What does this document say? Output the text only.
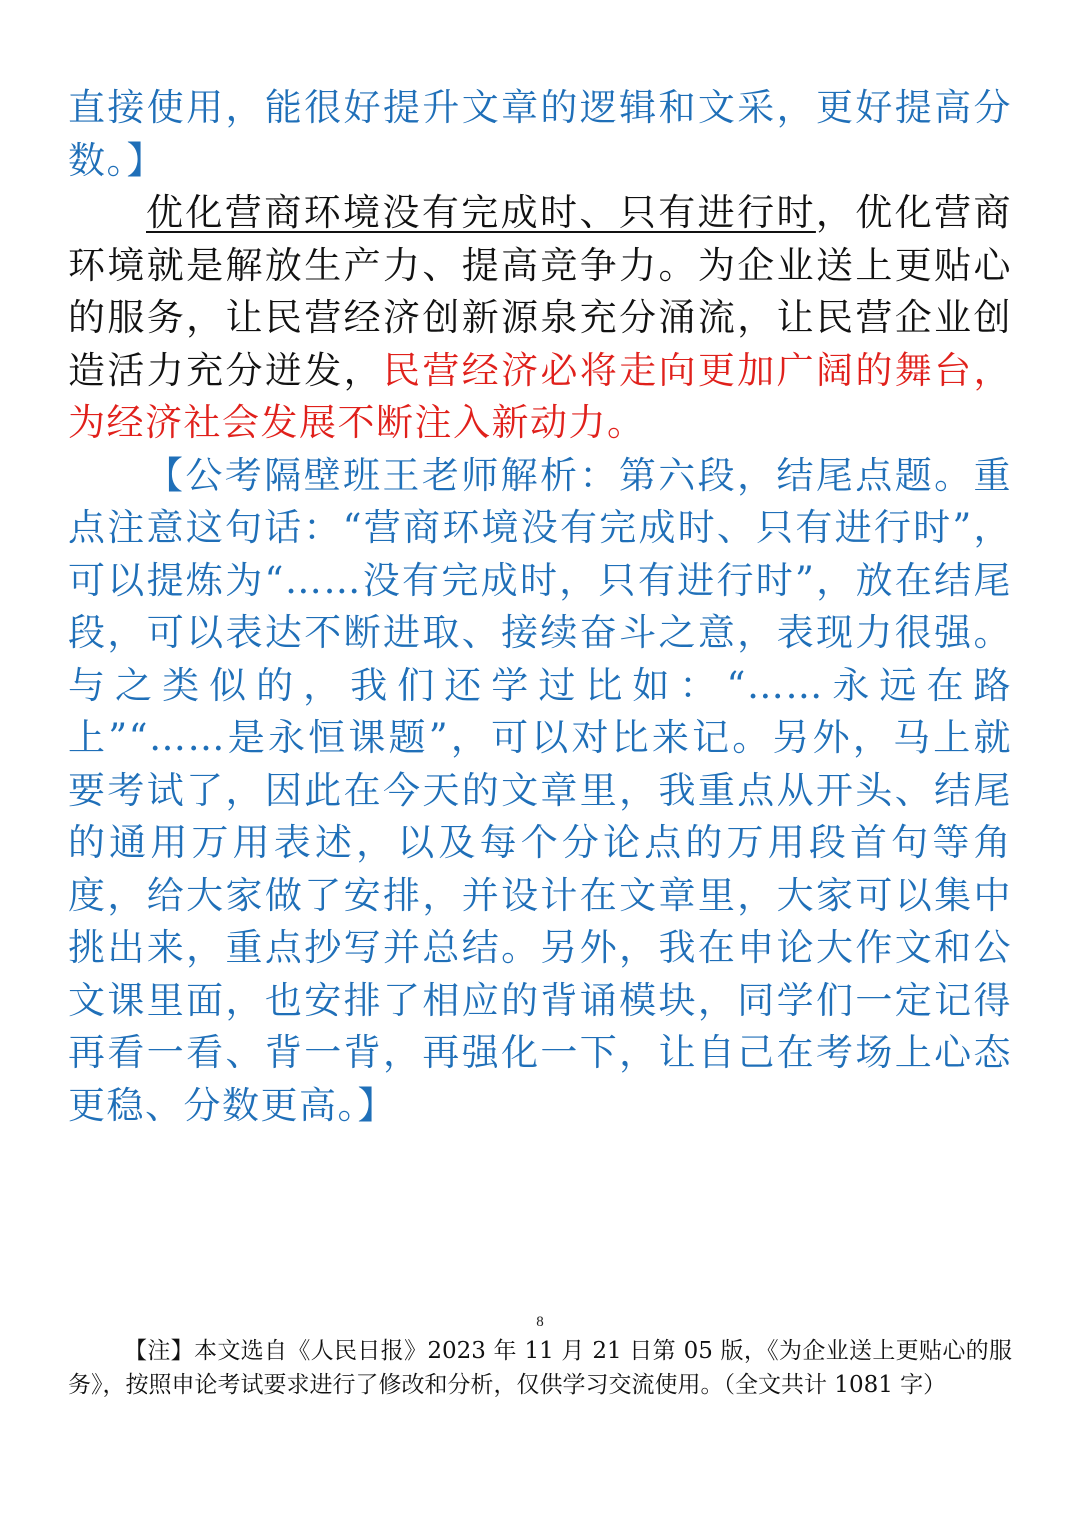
直接使用，能很好提升文章的逻辑和文采，更好提高分数。】

优化营商环境没有完成时、只有进行时，优化营商环境就是解放生产力、提高竞争力。为企业送上更贴心的服务，让民营经济创新源泉充分涌流，让民营企业创造活力充分迸发，民营经济必将走向更加广阔的舞台，为经济社会发展不断注入新动力。

【公考隔壁班王老师解析：第六段，结尾点题。重点注意这句话：“营商环境没有完成时、只有进行时”，可以提炼为“……没有完成时，只有进行时”，放在结尾段，可以表达不断进取、接续奋斗之意，表现力很强。与之类似的，我们还学过比如：“……永远在路上”“……是永恒课题”，可以对比来记。另外，马上就要考试了，因此在今天的文章里，我重点从开头、结尾的通用万用表述，以及每个分论点的万用段首句等角度，给大家做了安排，并设计在文章里，大家可以集中挑出来，重点抄写并总结。另外，我在申论大作文和公文课里面，也安排了相应的背诵模块，同学们一定记得再看一看、背一背，再强化一下，让自己在考场上心态更稳、分数更高。】

8

【注】本文选自《人民日报》2023 年 11 月 21 日第 05 版，《为企业送上更贴心的服务》，按照申论考试要求进行了修改和分析，仅供学习交流使用。（全文共计 1081 字）
